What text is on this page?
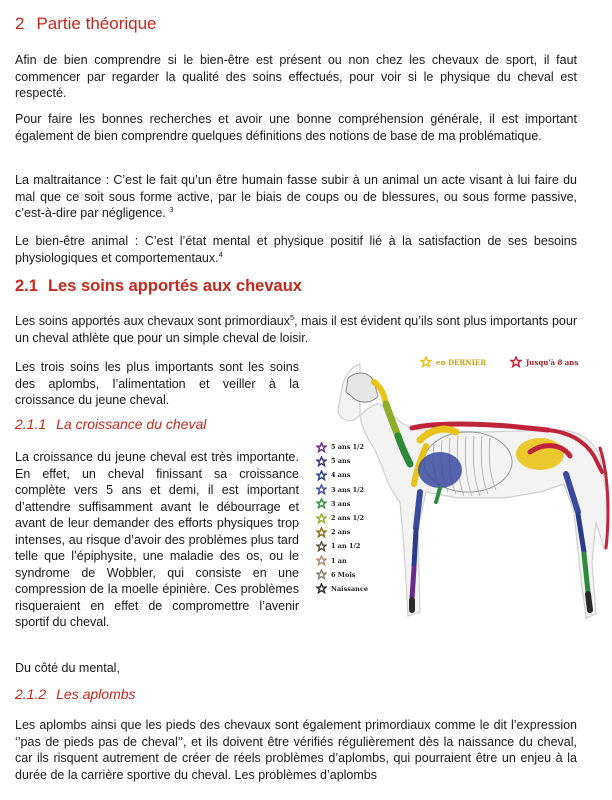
2 Partie théorique

Afin de bien comprendre si le bien-être est présent ou non chez les chevaux de sport, il faut commencer par regarder la qualité des soins effectués, pour voir si le physique du cheval est respecté.

Pour faire les bonnes recherches et avoir une bonne compréhension générale, il est important également de bien comprendre quelques définitions des notions de base de ma problématique.

La maltraitance : C’est le fait qu’un être humain fasse subir à un animal un acte visant à lui faire du mal que ce soit sous forme active, par le biais de coups ou de blessures, ou sous forme passive, c’est-à-dire par négligence. $^3$

Le bien-être animal : C’est l’état mental et physique positif lié à la satisfaction de ses besoins physiologiques et comportementaux.$^4$

2.1 Les soins apportés aux chevaux

Les soins apportés aux chevaux sont primordiaux$^5$, mais il est évident qu’ils sont plus importants pour un cheval athlète que pour un simple cheval de loisir.

Les trois soins les plus importants sont les soins des aplombs, l’alimentation et veiller à la croissance du jeune cheval.

2.1.1 La croissance du cheval

La croissance du jeune cheval est très importante. En effet, un cheval finissant sa croissance complète vers 5 ans et demi, il est important d’attendre suffisamment avant le débourrage et avant de leur demander des efforts physiques trop intenses, au risque d’avoir des problèmes plus tard telle que l’épiphysite, une maladie des os, ou le syndrome de Wobbler, qui consiste en une compression de la moelle épinière. Ces problèmes risqueraient en effet de compromettre l’avenir sportif du cheval.

Du côté du mental,

2.1.2 Les aplombs

Les aplombs ainsi que les pieds des chevaux sont également primordiaux comme le dit l’expression ‘’pas de pieds pas de cheval’’, et ils doivent être vérifiés régulièrement dès la naissance du cheval, car ils risquent autrement de créer de réels problèmes d’aplombs, qui pourraient être un enjeu à la durée de la carrière sportive du cheval. Les problèmes d’aplombs

en DERNIER	Jusqu'à 8 ans
5 ans 1/2
5 ans
4 ans
3 ans 1/2
3 ans
2 ans 1/2
2 ans
1 an 1/2
1 an
6 Mois
Naissance
